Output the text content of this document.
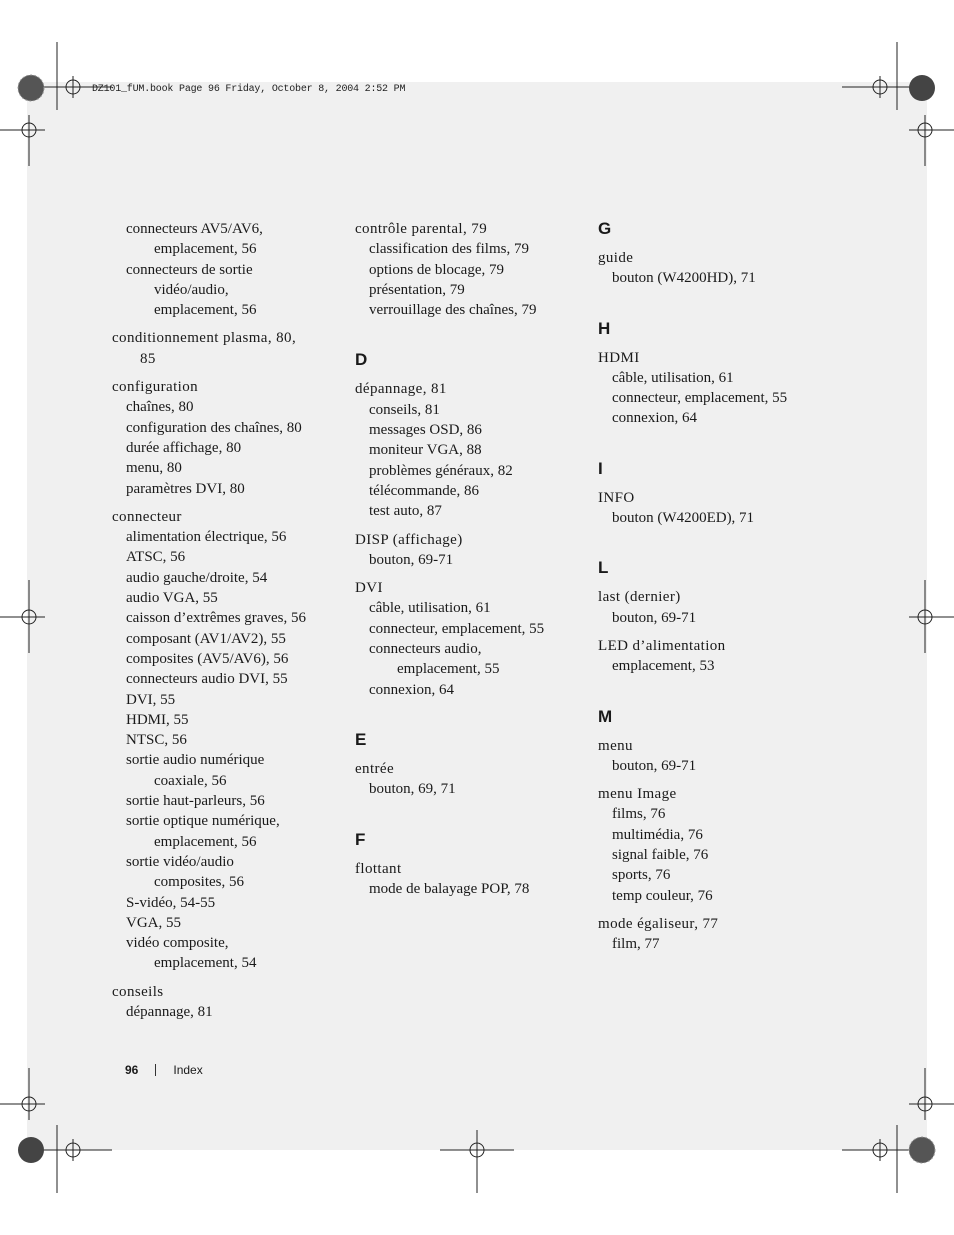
DZ101_fUM.book Page 96 Friday, October 8, 2004 2:52 PM
connecteurs AV5/AV6,
emplacement, 56
connecteurs de sortie
vidéo/audio,
emplacement, 56
conditionnement plasma, 80,
85
configuration
chaînes, 80
configuration des chaînes, 80
durée affichage, 80
menu, 80
paramètres DVI, 80
connecteur
alimentation électrique, 56
ATSC, 56
audio gauche/droite, 54
audio VGA, 55
caisson d’extrêmes graves, 56
composant (AV1/AV2), 55
composites (AV5/AV6), 56
connecteurs audio DVI, 55
DVI, 55
HDMI, 55
NTSC, 56
sortie audio numérique
coaxiale, 56
sortie haut-parleurs, 56
sortie optique numérique,
emplacement, 56
sortie vidéo/audio
composites, 56
S-vidéo, 54-55
VGA, 55
vidéo composite,
emplacement, 54
conseils
dépannage, 81
contrôle parental, 79
classification des films, 79
options de blocage, 79
présentation, 79
verrouillage des chaînes, 79
D
dépannage, 81
conseils, 81
messages OSD, 86
moniteur VGA, 88
problèmes généraux, 82
télécommande, 86
test auto, 87
DISP (affichage)
bouton, 69-71
DVI
câble, utilisation, 61
connecteur, emplacement, 55
connecteurs audio,
emplacement, 55
connexion, 64
E
entrée
bouton, 69, 71
F
flottant
mode de balayage POP, 78
G
guide
bouton (W4200HD), 71
H
HDMI
câble, utilisation, 61
connecteur, emplacement, 55
connexion, 64
I
INFO
bouton (W4200ED), 71
L
last (dernier)
bouton, 69-71
LED d’alimentation
emplacement, 53
M
menu
bouton, 69-71
menu Image
films, 76
multimédia, 76
signal faible, 76
sports, 76
temp couleur, 76
mode égaliseur, 77
film, 77
96	Index
